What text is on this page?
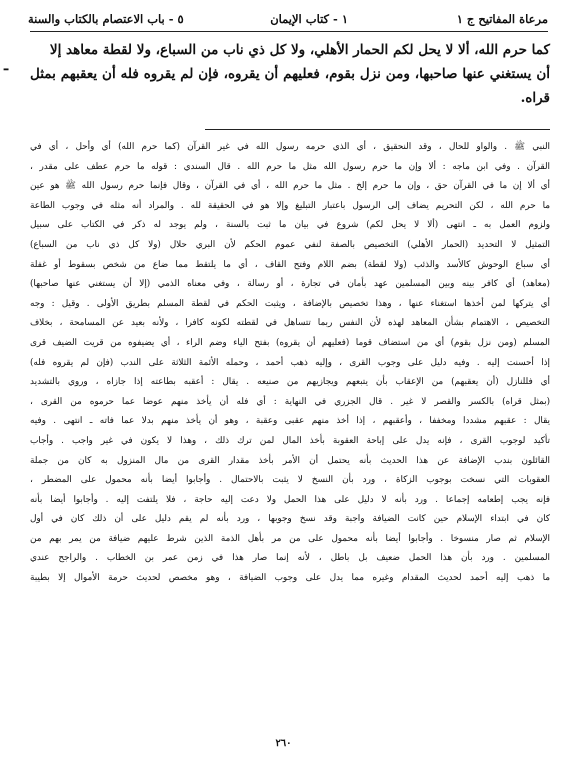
مرعاة المفاتيح ج ١
١ - كتاب الإيمان
٥ - باب الاعتصام بالكتاب والسنة
ـ

كما حرم الله، ألا لا يحل لكم الحمار الأهلي، ولا كل ذي ناب من السباع، ولا لقطة معاهد إلا

أن يستغني عنها صاحبها، ومن نزل بقوم، فعليهم أن يقروه، فإن لم يقروه فله أن يعقبهم بمثل قراه.

النبي ﷺ . والواو للحال ، وقد النحقيق ، أي الذي حرمه رسول الله في غير القرآن (كما حرم الله) أي وأحل ، أي في
القرآن . وفي ابن ماجه : ألا وإن ما حرم رسول الله مثل ما حرم الله . قال السندي : قوله ما حرم عطف على مقدر ،
أي ألا إن ما في القرآن حق ، وإن ما حرم إلخ . مثل ما حرم الله ، أي في القرآن ، وقال فإنما حرم رسول الله ﷺ هو عين
ما حرم الله ، لكن التحريم يضاف إلى الرسول باعتبار التبليغ وإلا هو في الحقيقة لله . والمراد أنه مثله في وجوب الطاعة
ولزوم العمل به ـ انتهى (ألا لا يحل لكم) شروع في بيان ما ثبت بالسنة ، ولم يوجد له ذكر في الكتاب على سبيل
التمثيل لا التحديد (الحمار الأهلي) التخصيص بالصفة لنفي عموم الحكم لأن البري حلال (ولا كل ذي ناب من السباع)
أي سباع الوحوش كالأسد والذئب (ولا لقطة) بضم اللام وفتح القاف ، أي ما يلتقط مما ضاع من شخص بسقوط أو غفلة
(معاهد) أي كافر بينه وبين المسلمين عهد بأمان في تجارة ، أو رسالة ، وفي معناه الذمي (إلا أن يستغني عنها صاحبها)
أي يتركها لمن أخذها استغناء عنها ، وهذا تخصيص بالإضافة ، ويثبت الحكم في لقطة المسلم بطريق الأولى . وقيل : وجه
التخصيص ، الاهتمام بشأن المعاهد لهذه لأن النفس ربما تتساهل في لقطته لكونه كافرا ، ولأنه بعيد عن المسامحة ، بخلاف
المسلم (ومن نزل بقوم) أي من استضاف قوما (فعليهم أن يقروه) بفتح الياء وضم الراء ، أي يضيفوه من قريت الضيف قرى
إذا أحسنت إليه . وفيه دليل على وجوب القرى ، وإليه ذهب أحمد ، وحمله الأئمة الثلاثة على الندب (فإن لم يقروه فله)
أي فللنازل (أن يعقبهم) من الإعقاب بأن يتبعهم ويجازيهم من صنيعه . يقال : أعقبه بطاعته إذا جازاه ، وروي بالتشديد
(بمثل قراه) بالكسر والقصر لا غير . قال الجزري في النهاية : أي فله أن يأخذ منهم عوضا عما حرموه من القرى ،
يقال : عقبهم مشددا ومخففا ، وأعقبهم ، إذا أخذ منهم عقبى وعقبة ، وهو أن يأخذ منهم بدلا عما فاته ـ انتهى . وفيه
تأكيد لوجوب القرى ، فإنه يدل على إباحة العقوبة بأخذ المال لمن ترك ذلك ، وهذا لا يكون في غير واجب . وأجاب
القائلون بندب الإضافة عن هذا الحديث بأنه يحتمل أن الأمر بأخذ مقدار القرى من مال المنزول به كان من جملة
العقوبات التي نسخت بوجوب الزكاة ، ورد بأن النسخ لا يثبت بالاحتمال . وأجابوا أيضا بأنه محمول على المضطر ،
فإنه يجب إطعامه إجماعا . ورد بأنه لا دليل على هذا الحمل ولا دعت إليه حاجة ، فلا يلتفت إليه . وأجابوا أيضا بأنه
كان في ابتداء الإسلام حين كانت الضيافة واجبة وقد نسخ وجوبها ، ورد بأنه لم يقم دليل على أن ذلك كان في أول
الإسلام ثم صار منسوخا . وأجابوا أيضا بأنه محمول على من مر بأهل الذمة الذين شرط عليهم ضيافة من يمر بهم من
المسلمين . ورد بأن هذا الحمل ضعيف بل باطل ، لأنه إنما صار هذا في زمن عمر بن الخطاب . والراجح عندي
ما ذهب إليه أحمد لحديث المقدام وغيره مما يدل على وجوب الضيافة ، وهو مخصص لحديث حرمة الأموال إلا بطيبة
٢٦٠
